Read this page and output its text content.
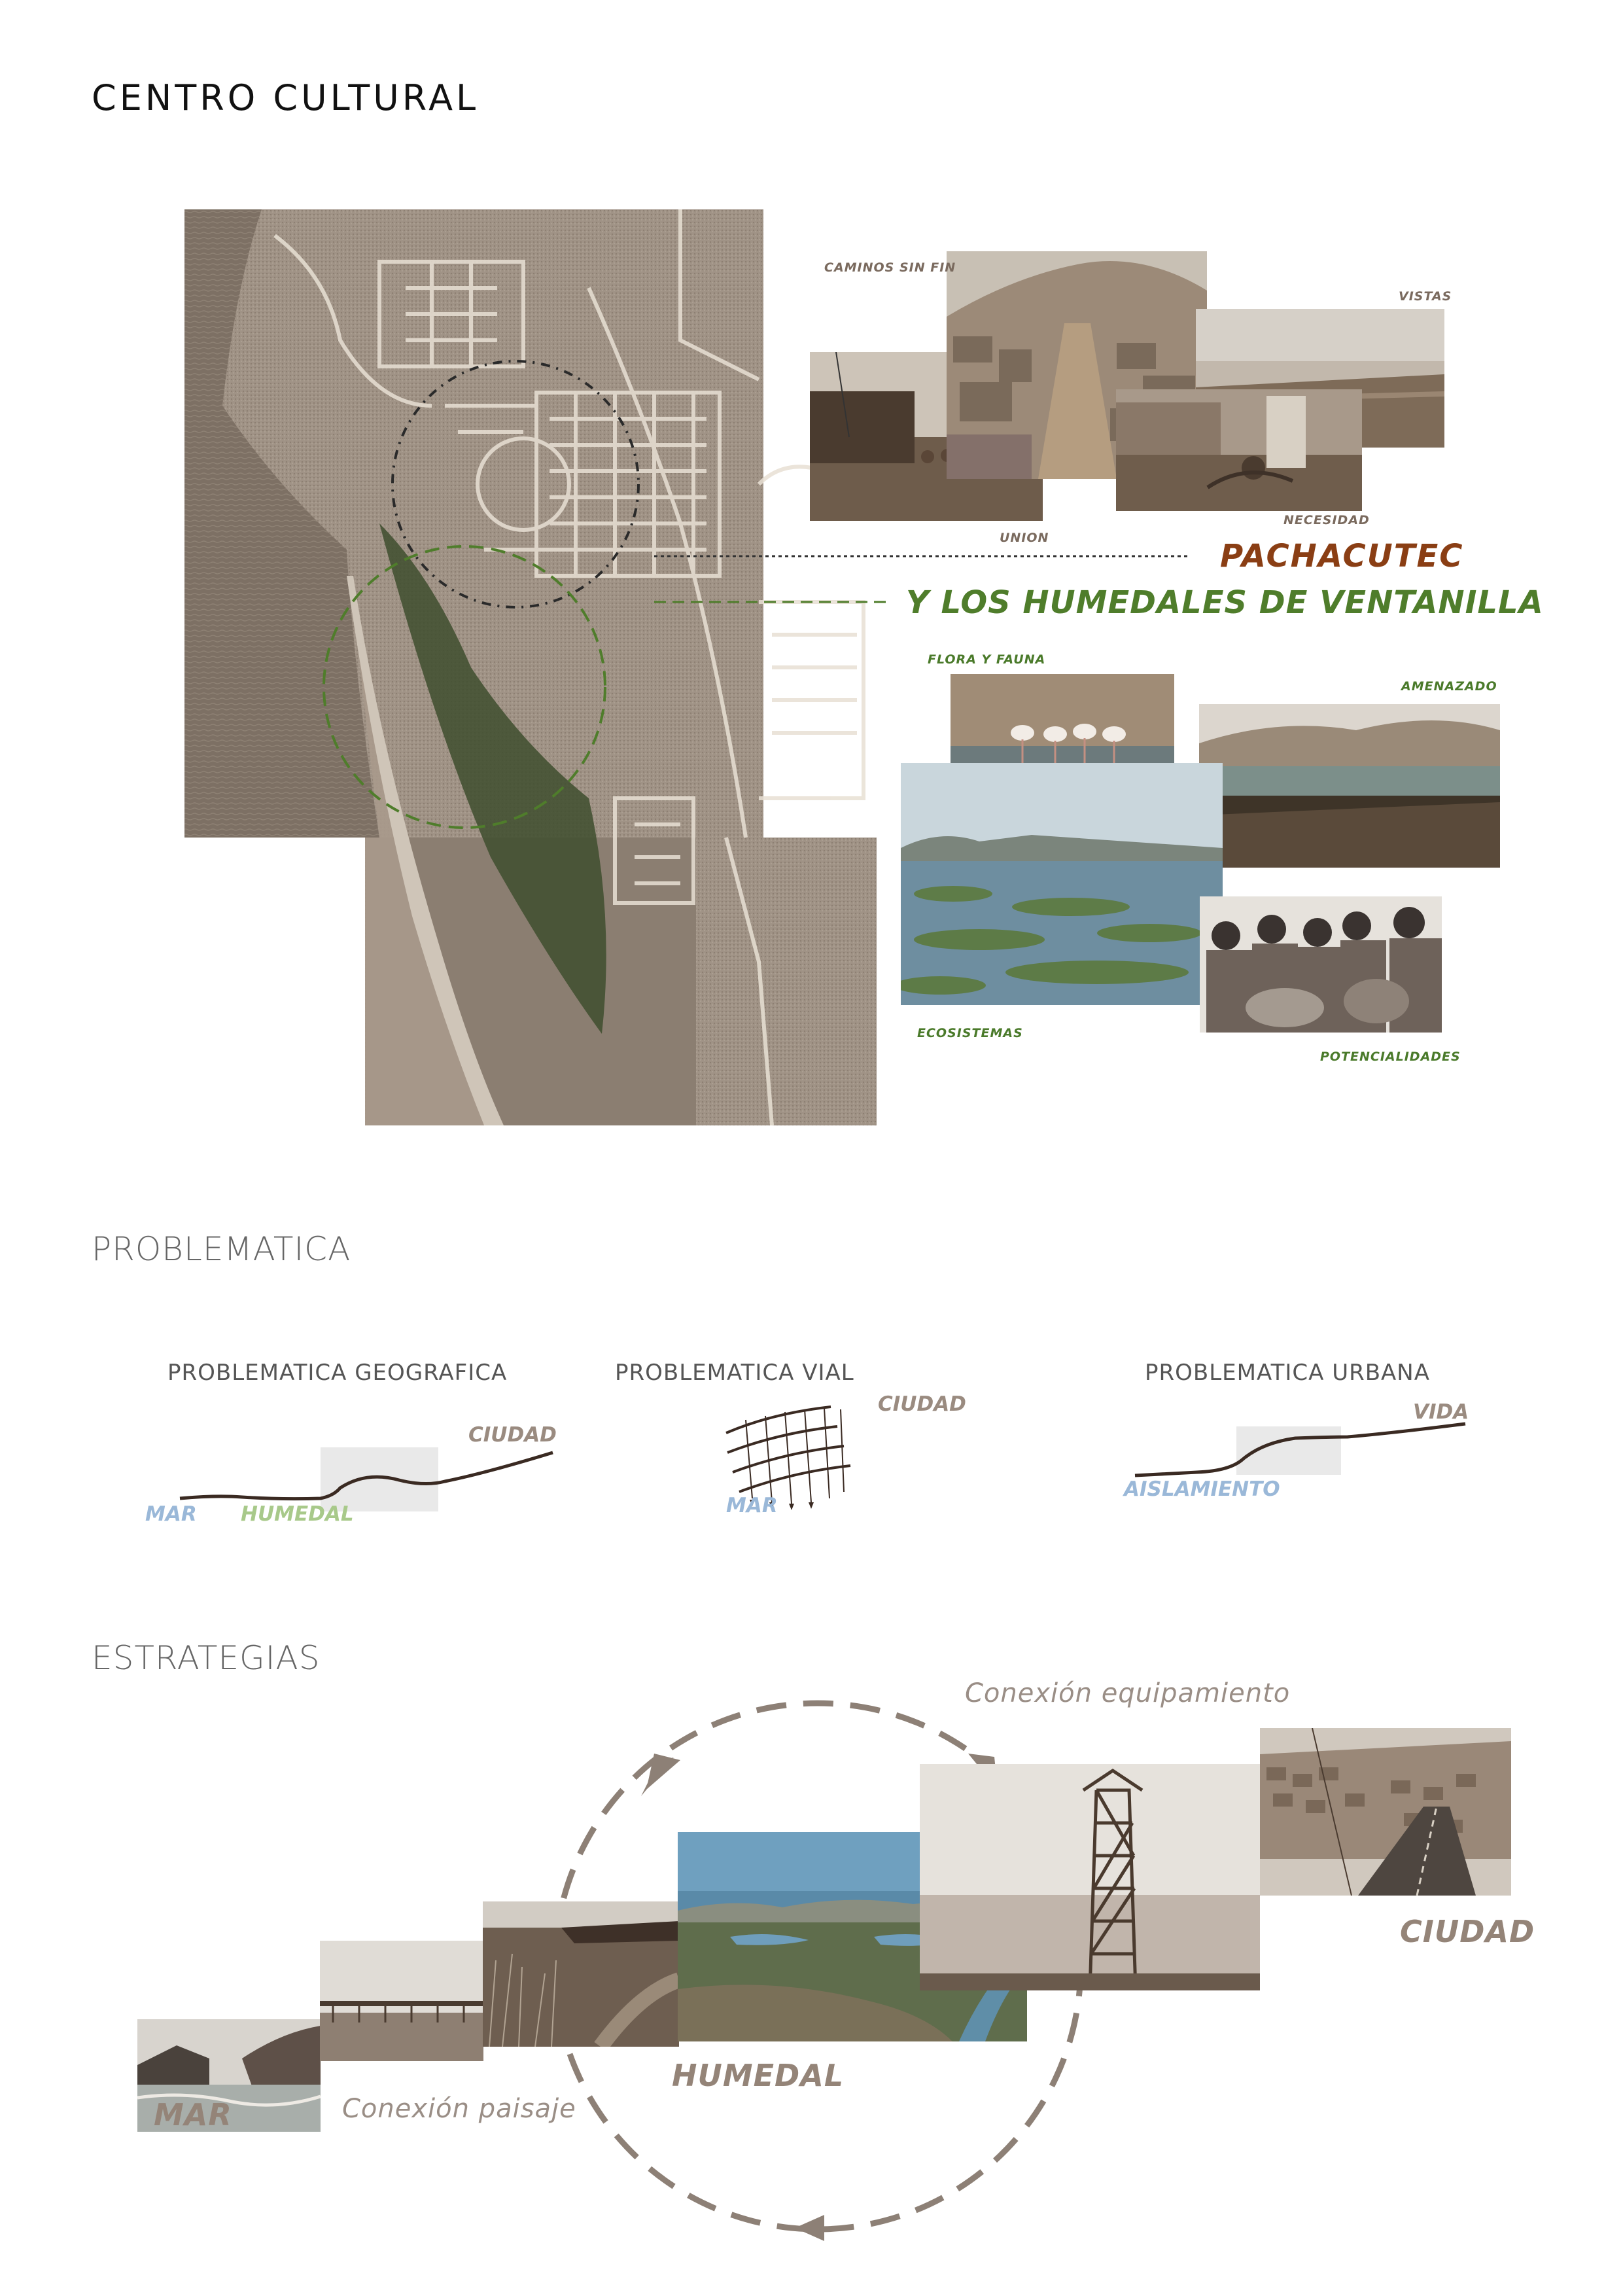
CENTRO CULTURAL
PACHACUTEC
Y LOS HUMEDALES DE VENTANILLA
CAMINOS SIN FIN
VISTAS
UNION
NECESIDAD
FLORA Y FAUNA
AMENAZADO
ECOSISTEMAS
POTENCIALIDADES
PROBLEMATICA
PROBLEMATICA GEOGRAFICA	PROBLEMATICA VIAL	PROBLEMATICA URBANA
CIUDAD
MAR HUMEDAL
CIUDAD
MAR
VIDA
AISLAMIENTO
ESTRATEGIAS
Conexión equipamiento
Conexión paisaje
MAR
HUMEDAL
CIUDAD
